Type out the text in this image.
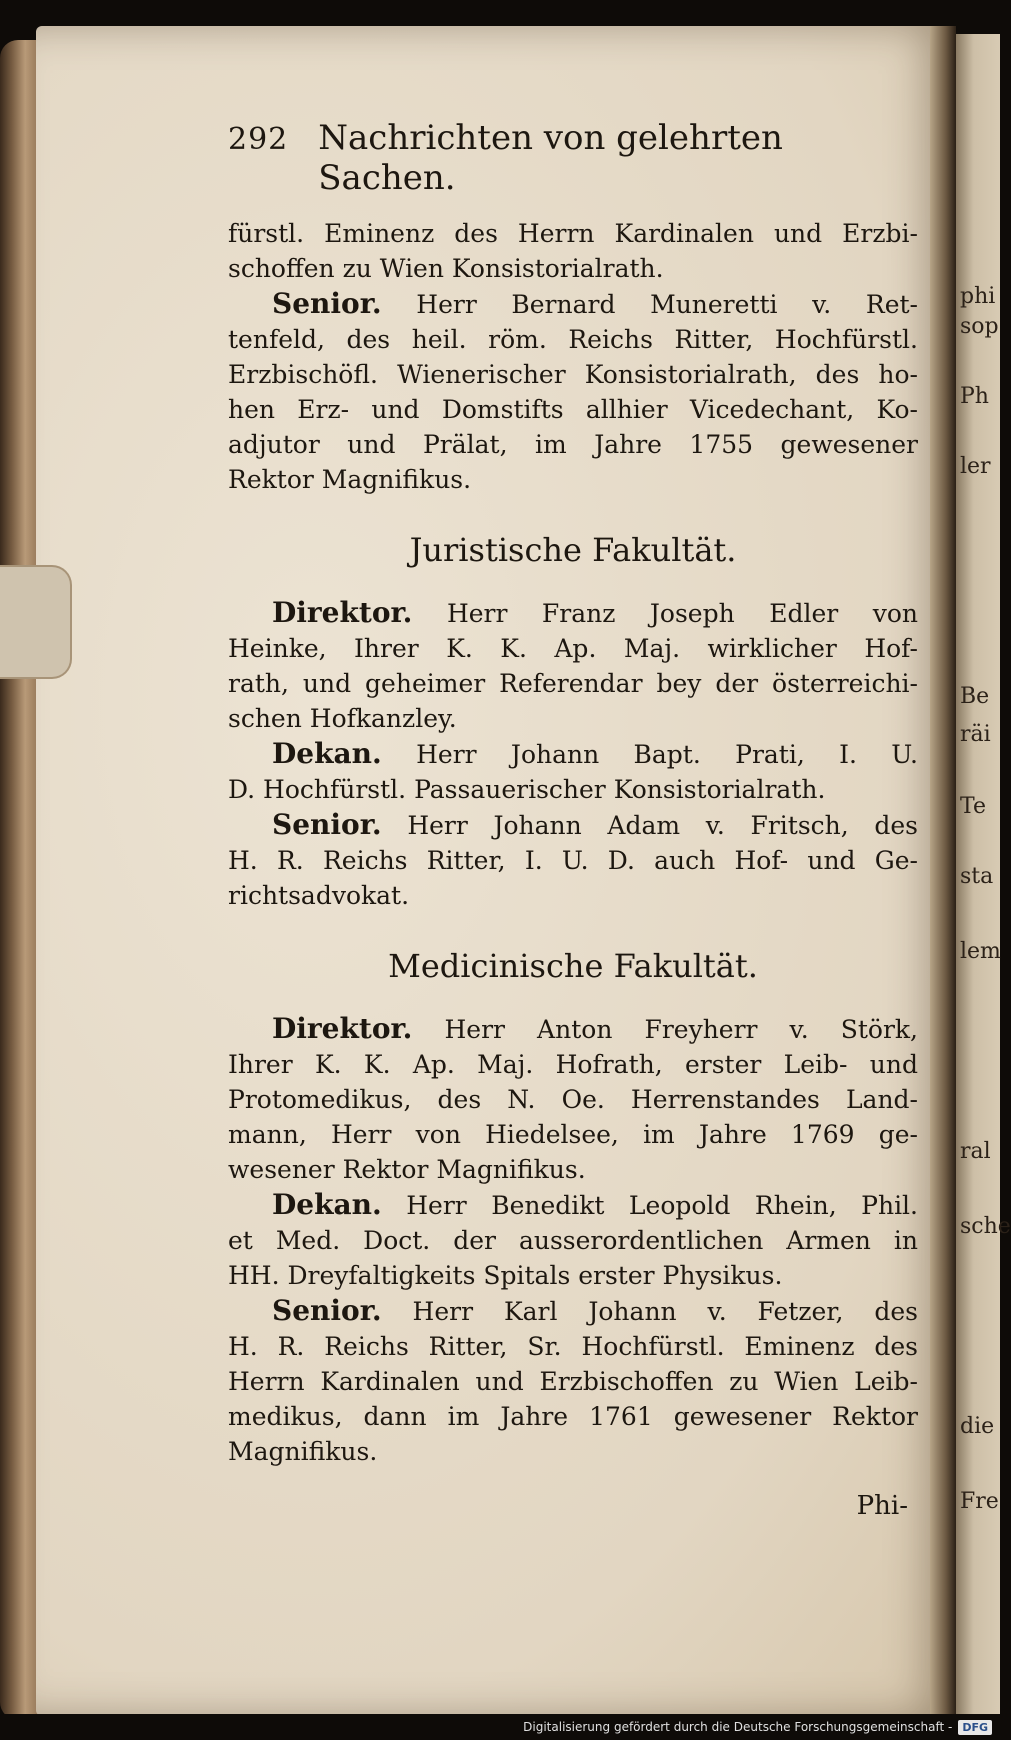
phi
sop
Ph
ler
Be
räi
Te
sta
lem
ral
sche
die
Fre
292 Nachrichten von gelehrten Sachen.

fürstl. Eminenz des Herrn Kardinalen und Erzbi-

schoffen zu Wien Konsistorialrath.

Senior. Herr Bernard Muneretti v. Ret-

tenfeld, des heil. röm. Reichs Ritter, Hochfürstl.

Erzbischöfl. Wienerischer Konsistorialrath, des ho-

hen Erz- und Domstifts allhier Vicedechant, Ko-

adjutor und Prälat, im Jahre 1755 gewesener

Rektor Magnifikus.

Juristische Fakultät.

Direktor. Herr Franz Joseph Edler von

Heinke, Ihrer K. K. Ap. Maj. wirklicher Hof-

rath, und geheimer Referendar bey der österreichi-

schen Hofkanzley.

Dekan. Herr Johann Bapt. Prati, I. U.

D. Hochfürstl. Passauerischer Konsistorialrath.

Senior. Herr Johann Adam v. Fritsch, des

H. R. Reichs Ritter, I. U. D. auch Hof- und Ge-

richtsadvokat.

Medicinische Fakultät.

Direktor. Herr Anton Freyherr v. Störk,

Ihrer K. K. Ap. Maj. Hofrath, erster Leib- und

Protomedikus, des N. Oe. Herrenstandes Land-

mann, Herr von Hiedelsee, im Jahre 1769 ge-

wesener Rektor Magnifikus.

Dekan. Herr Benedikt Leopold Rhein, Phil.

et Med. Doct. der ausserordentlichen Armen in

HH. Dreyfaltigkeits Spitals erster Physikus.

Senior. Herr Karl Johann v. Fetzer, des

H. R. Reichs Ritter, Sr. Hochfürstl. Eminenz des

Herrn Kardinalen und Erzbischoffen zu Wien Leib-

medikus, dann im Jahre 1761 gewesener Rektor

Magnifikus.

Phi-
Digitalisierung gefördert durch die Deutsche Forschungsgemeinschaft - DFG
